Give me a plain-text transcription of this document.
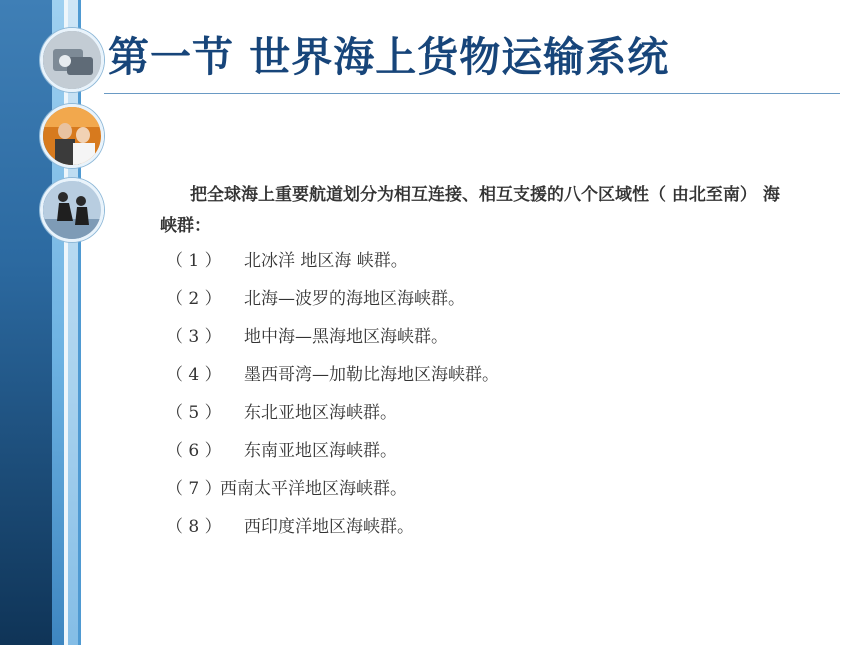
第一节 世界海上货物运输系统
把全球海上重要航道划分为相互连接、相互支援的八个区域性（ 由北至南） 海峡群：
（ 1 ） 北冰洋 地区海 峡群。
（ 2 ） 北海—波罗的海地区海峡群。
（ 3 ） 地中海—黑海地区海峡群。
（ 4 ） 墨西哥湾—加勒比海地区海峡群。
（ 5 ） 东北亚地区海峡群。
（ 6 ） 东南亚地区海峡群。
（ 7 ）西南太平洋地区海峡群。
（ 8 ） 西印度洋地区海峡群。
